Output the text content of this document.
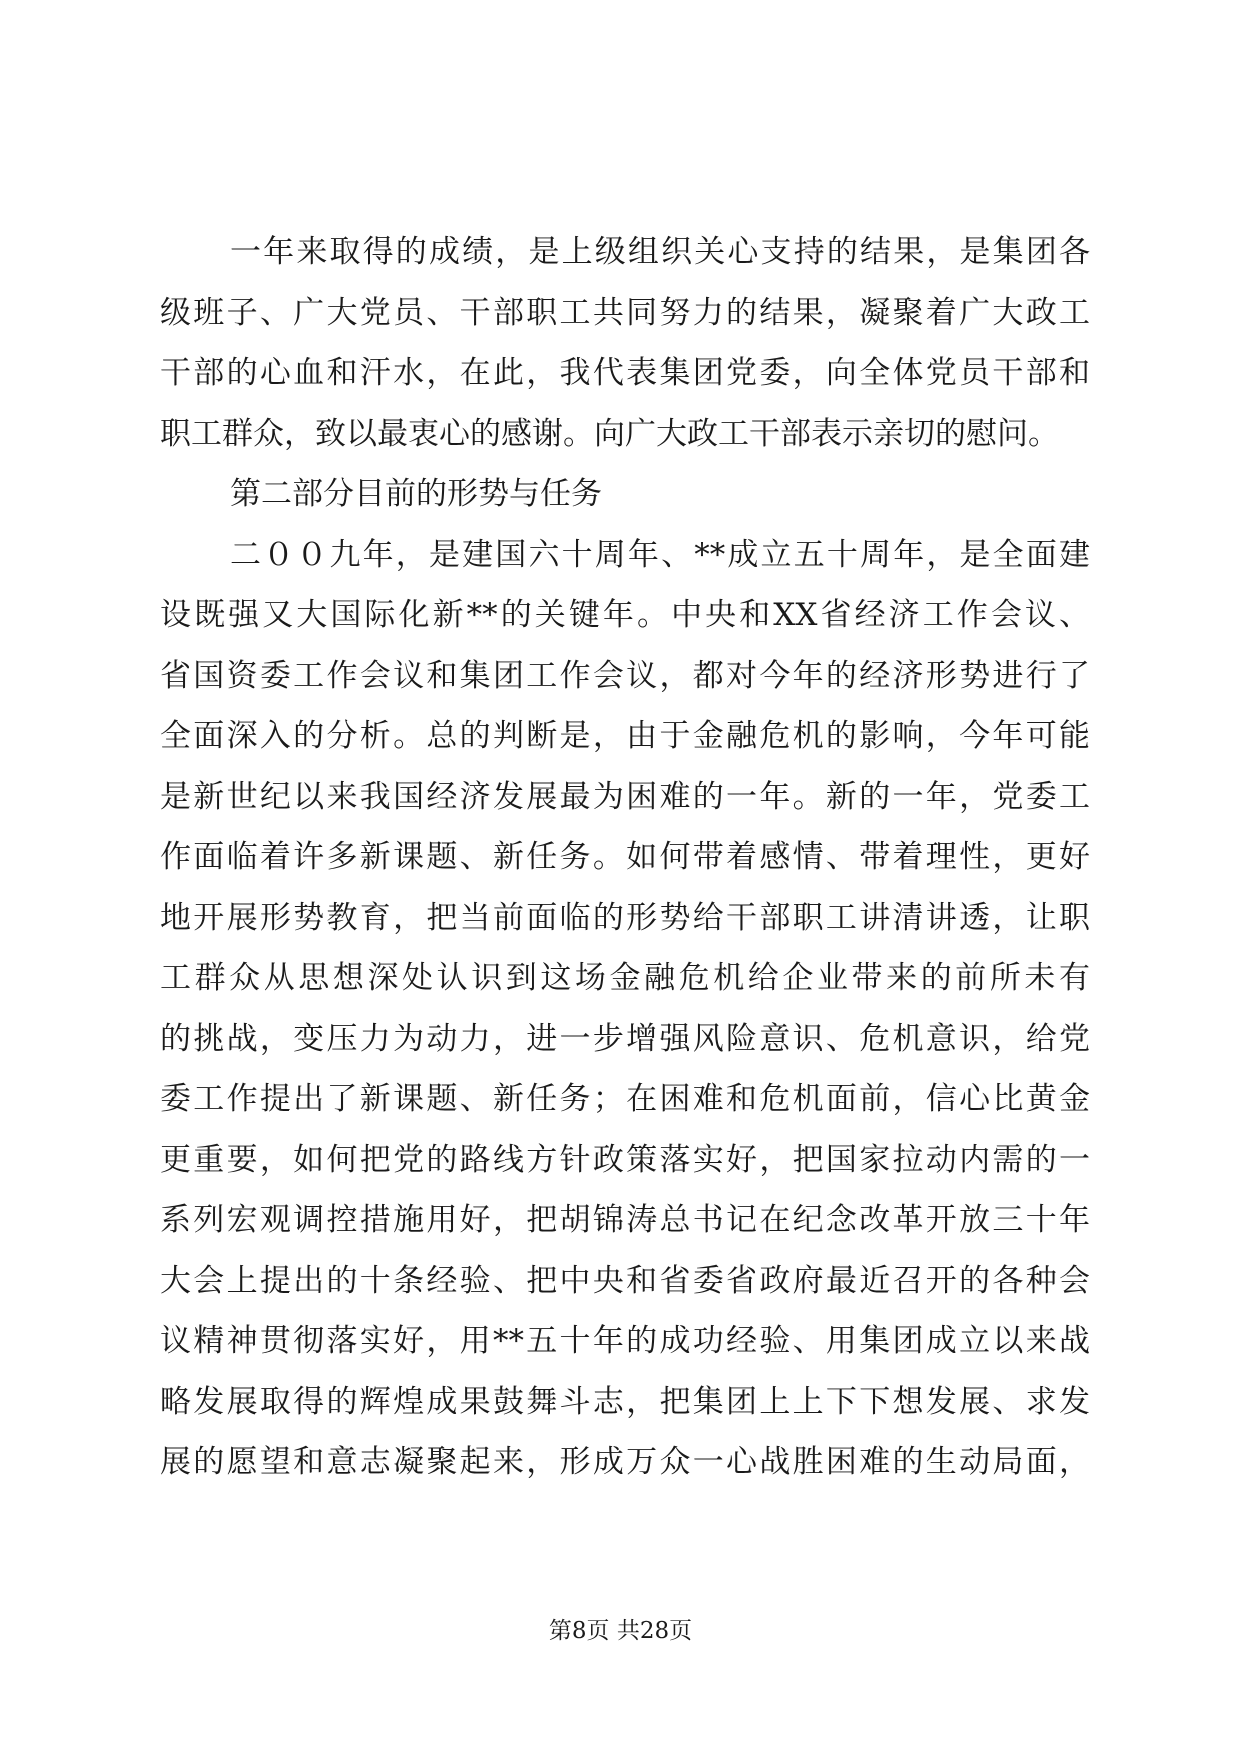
一年来取得的成绩，是上级组织关心支持的结果，是集团各
级班子、广大党员、干部职工共同努力的结果，凝聚着广大政工
干部的心血和汗水，在此，我代表集团党委，向全体党员干部和
职工群众，致以最衷心的感谢。向广大政工干部表示亲切的慰问。
第二部分目前的形势与任务
二００九年，是建国六十周年、**成立五十周年，是全面建
设既强又大国际化新**的关键年。中央和XX省经济工作会议、
省国资委工作会议和集团工作会议，都对今年的经济形势进行了
全面深入的分析。总的判断是，由于金融危机的影响，今年可能
是新世纪以来我国经济发展最为困难的一年。新的一年，党委工
作面临着许多新课题、新任务。如何带着感情、带着理性，更好
地开展形势教育，把当前面临的形势给干部职工讲清讲透，让职
工群众从思想深处认识到这场金融危机给企业带来的前所未有
的挑战，变压力为动力，进一步增强风险意识、危机意识，给党
委工作提出了新课题、新任务；在困难和危机面前，信心比黄金
更重要，如何把党的路线方针政策落实好，把国家拉动内需的一
系列宏观调控措施用好，把胡锦涛总书记在纪念改革开放三十年
大会上提出的十条经验、把中央和省委省政府最近召开的各种会
议精神贯彻落实好，用**五十年的成功经验、用集团成立以来战
略发展取得的辉煌成果鼓舞斗志，把集团上上下下想发展、求发
展的愿望和意志凝聚起来，形成万众一心战胜困难的生动局面，
第8页 共28页
